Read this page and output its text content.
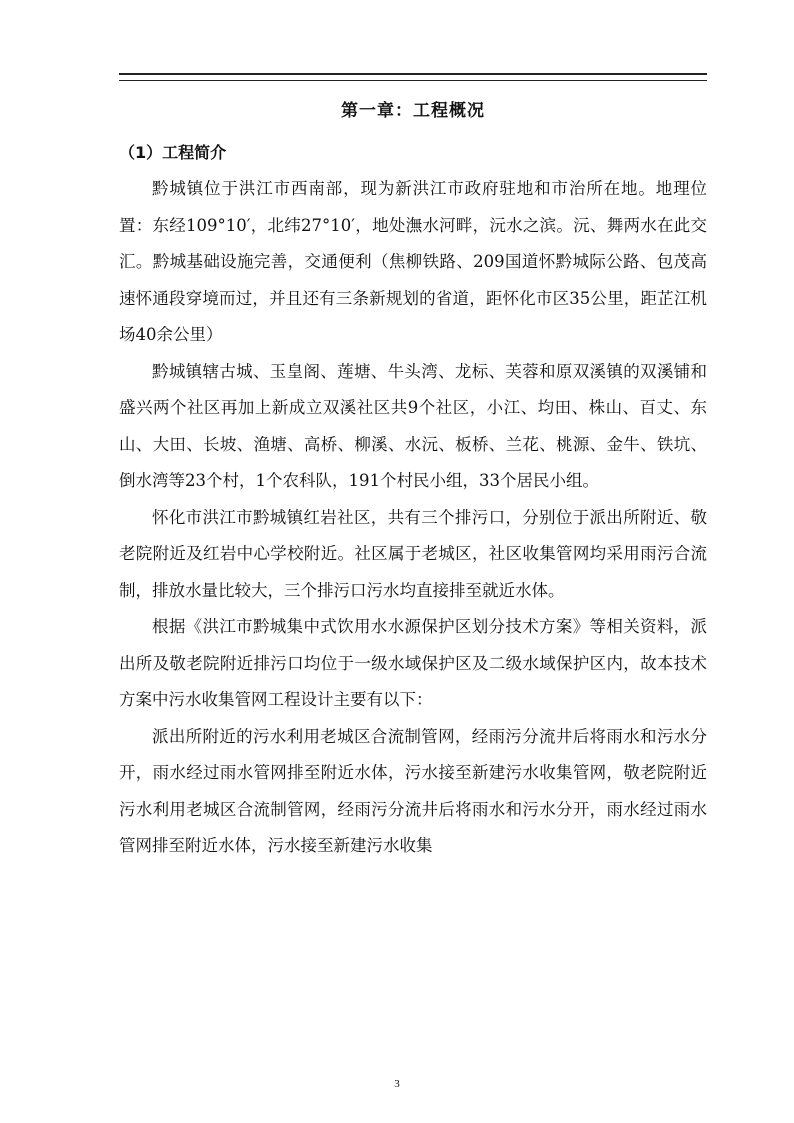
第一章：工程概况
（1）工程简介

黔城镇位于洪江市西南部，现为新洪江市政府驻地和市治所在地。地理位置：东经109°10′，北纬27°10′，地处潕水河畔，沅水之滨。沅、舞两水在此交汇。黔城基础设施完善，交通便利（焦柳铁路、209国道怀黔城际公路、包茂高速怀通段穿境而过，并且还有三条新规划的省道，距怀化市区35公里，距芷江机场40余公里）

黔城镇辖古城、玉皇阁、莲塘、牛头湾、龙标、芙蓉和原双溪镇的双溪铺和盛兴两个社区再加上新成立双溪社区共9个社区，小江、均田、株山、百丈、东山、大田、长坡、渔塘、高桥、柳溪、水沅、板桥、兰花、桃源、金牛、铁坑、倒水湾等23个村，1个农科队，191个村民小组，33个居民小组。

怀化市洪江市黔城镇红岩社区，共有三个排污口，分别位于派出所附近、敬老院附近及红岩中心学校附近。社区属于老城区，社区收集管网均采用雨污合流制，排放水量比较大，三个排污口污水均直接排至就近水体。

根据《洪江市黔城集中式饮用水水源保护区划分技术方案》等相关资料，派出所及敬老院附近排污口均位于一级水域保护区及二级水域保护区内，故本技术方案中污水收集管网工程设计主要有以下：

派出所附近的污水利用老城区合流制管网，经雨污分流井后将雨水和污水分开，雨水经过雨水管网排至附近水体，污水接至新建污水收集管网，敬老院附近污水利用老城区合流制管网，经雨污分流井后将雨水和污水分开，雨水经过雨水管网排至附近水体，污水接至新建污水收集

3
